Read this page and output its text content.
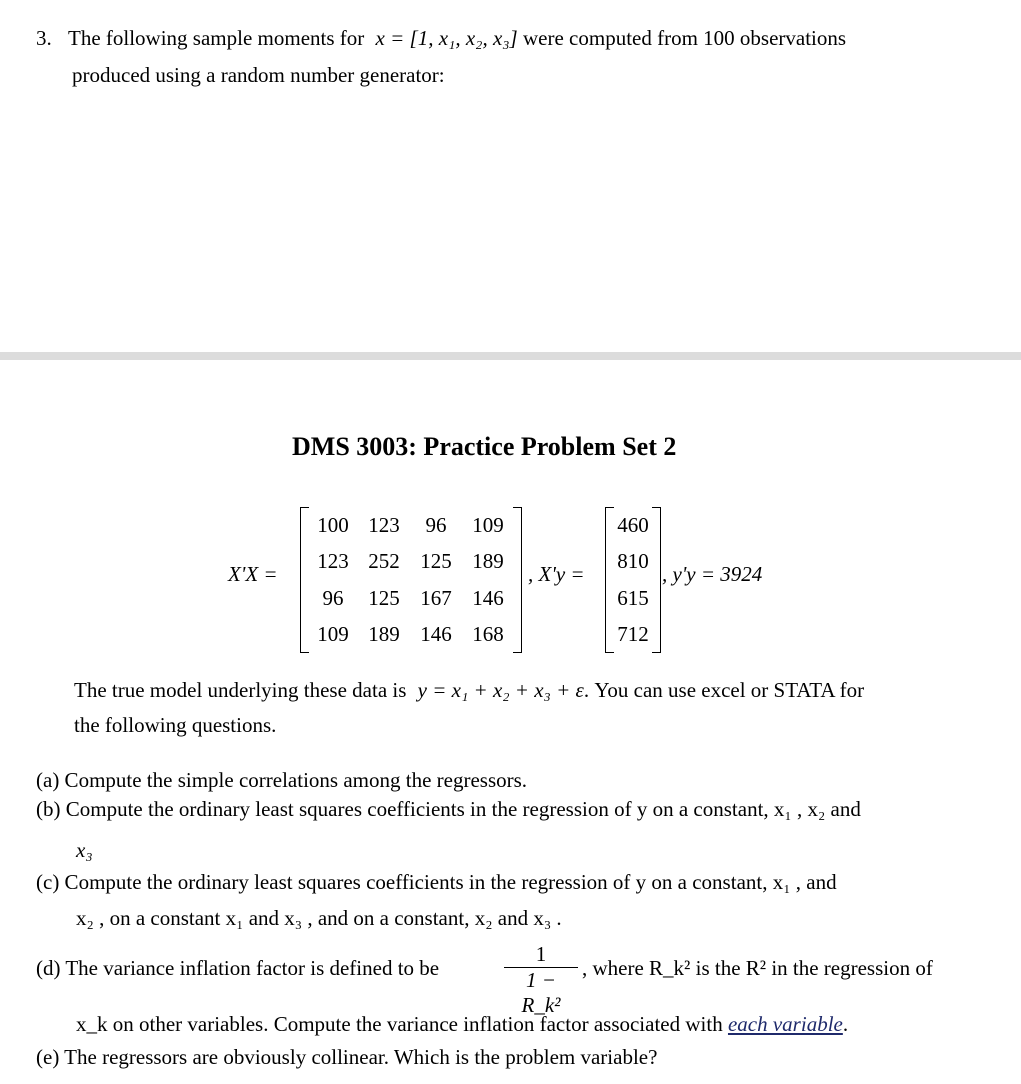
3. The following sample moments for x = [1, x₁, x₂, x₃] were computed from 100 observations
produced using a random number generator:
DMS 3003: Practice Problem Set 2
X'X =
100	123	96	109
123	252	125	189
96	125	167	146
109	189	146	168
, X'y =
460
810
615
712
, y'y = 3924
The true model underlying these data is y = x₁ + x₂ + x₃ + ε. You can use excel or STATA for
the following questions.
(a) Compute the simple correlations among the regressors.
(b) Compute the ordinary least squares coefficients in the regression of y on a constant, x₁ , x₂ and
x₃
(c) Compute the ordinary least squares coefficients in the regression of y on a constant, x₁ , and
x₂ , on a constant x₁ and x₃ , and on a constant, x₂ and x₃ .
(d) The variance inflation factor is defined to be	$\frac{1}{\text{1 − R\_k²}}$ , where R_k² is the R² in the regression of
x_k on other variables. Compute the variance inflation factor associated with each variable.
(e) The regressors are obviously collinear. Which is the problem variable?
